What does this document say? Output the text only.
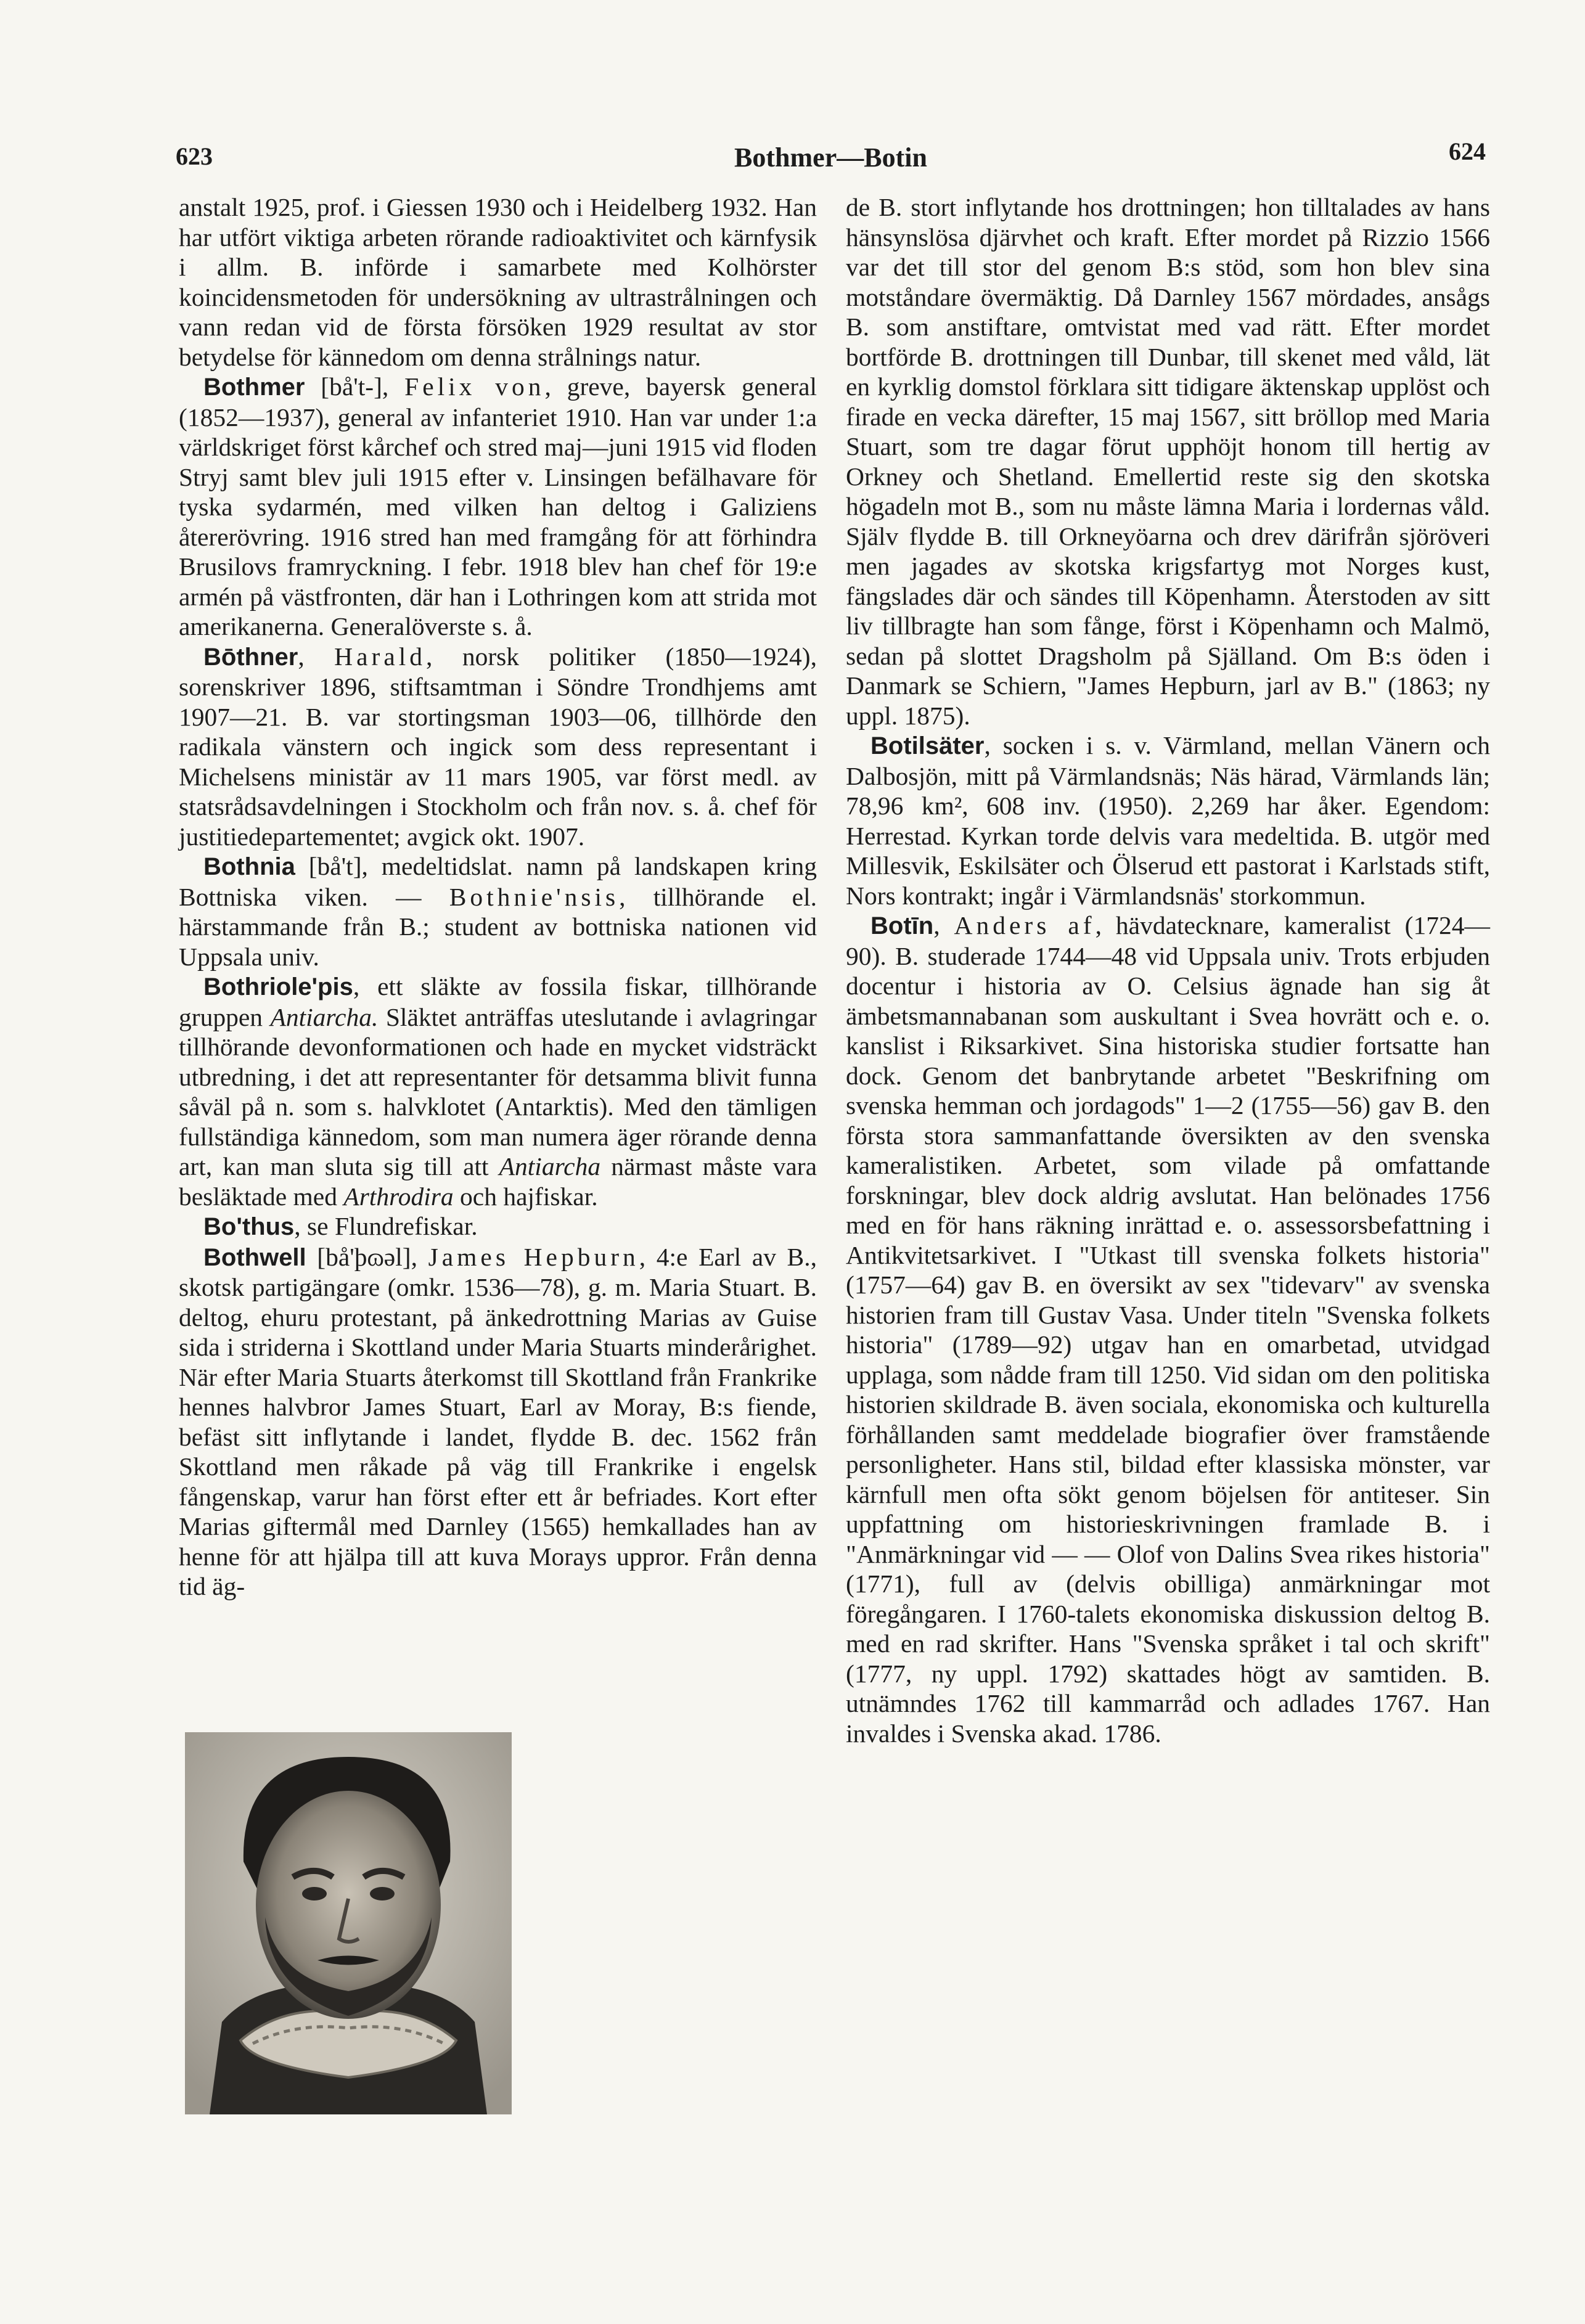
623	Bothmer—Botin	624

anstalt 1925, prof. i Giessen 1930 och i Heidelberg 1932. Han har utfört viktiga arbeten rörande radioaktivitet och kärnfysik i allm. B. införde i samarbete med Kolhörster koincidensmetoden för undersökning av ultrastrålningen och vann redan vid de första försöken 1929 resultat av stor betydelse för kännedom om denna strålnings natur.

Bothmer [bå't-], Felix von, greve, bayersk general (1852—1937), general av infanteriet 1910. Han var under 1:a världskriget först kårchef och stred maj—juni 1915 vid floden Stryj samt blev juli 1915 efter v. Linsingen befälhavare för tyska sydarmén, med vilken han deltog i Galiziens återerövring. 1916 stred han med framgång för att förhindra Brusilovs framryckning. I febr. 1918 blev han chef för 19:e armén på västfronten, där han i Lothringen kom att strida mot amerikanerna. Generalöverste s. å.

Bōthner, Harald, norsk politiker (1850—1924), sorenskriver 1896, stiftsamtman i Söndre Trondhjems amt 1907—21. B. var stortingsman 1903—06, tillhörde den radikala vänstern och ingick som dess representant i Michelsens ministär av 11 mars 1905, var först medl. av statsrådsavdelningen i Stockholm och från nov. s. å. chef för justitiedepartementet; avgick okt. 1907.

Bothnia [bå't], medeltidslat. namn på landskapen kring Bottniska viken. — Bothnie'nsis, tillhörande el. härstammande från B.; student av bottniska nationen vid Uppsala univ.

Bothriole'pis, ett släkte av fossila fiskar, tillhörande gruppen Antiarcha. Släktet anträffas uteslutande i avlagringar tillhörande devonformationen och hade en mycket vidsträckt utbredning, i det att representanter för detsamma blivit funna såväl på n. som s. halvklotet (Antarktis). Med den tämligen fullständiga kännedom, som man numera äger rörande denna art, kan man sluta sig till att Antiarcha närmast måste vara besläktade med Arthrodira och hajfiskar.

Bo'thus, se Flundrefiskar.

Bothwell [bå'þɷəl], James Hepburn, 4:e Earl av B., skotsk partigängare (omkr. 1536—78), g. m. Maria Stuart. B. deltog, ehuru protestant, på änkedrottning Marias av Guise sida i striderna i Skottland under Maria Stuarts minderårighet. När efter Maria Stuarts återkomst till Skottland från Frankrike hennes halvbror James Stuart, Earl av Moray, B:s fiende, befäst sitt inflytande i landet, flydde B. dec. 1562 från Skottland men råkade på väg till Frankrike i engelsk fångenskap, varur han först efter ett år befriades. Kort efter Marias giftermål med Darnley (1565) hemkallades han av henne för att hjälpa till att kuva Morays uppror. Från denna tid äg-

de B. stort inflytande hos drottningen; hon tilltalades av hans hänsynslösa djärvhet och kraft. Efter mordet på Rizzio 1566 var det till stor del genom B:s stöd, som hon blev sina motståndare övermäktig. Då Darnley 1567 mördades, ansågs B. som anstiftare, omtvistat med vad rätt. Efter mordet bortförde B. drottningen till Dunbar, till skenet med våld, lät en kyrklig domstol förklara sitt tidigare äktenskap upplöst och firade en vecka därefter, 15 maj 1567, sitt bröllop med Maria Stuart, som tre dagar förut upphöjt honom till hertig av Orkney och Shetland. Emellertid reste sig den skotska högadeln mot B., som nu måste lämna Maria i lordernas våld. Själv flydde B. till Orkneyöarna och drev därifrån sjöröveri men jagades av skotska krigsfartyg mot Norges kust, fängslades där och sändes till Köpenhamn. Återstoden av sitt liv tillbragte han som fånge, först i Köpenhamn och Malmö, sedan på slottet Dragsholm på Själland. Om B:s öden i Danmark se Schiern, "James Hepburn, jarl av B." (1863; ny uppl. 1875).

Botilsäter, socken i s. v. Värmland, mellan Vänern och Dalbosjön, mitt på Värmlandsnäs; Näs härad, Värmlands län; 78,96 km², 608 inv. (1950). 2,269 har åker. Egendom: Herrestad. Kyrkan torde delvis vara medeltida. B. utgör med Millesvik, Eskilsäter och Ölserud ett pastorat i Karlstads stift, Nors kontrakt; ingår i Värmlandsnäs' storkommun.

Botīn, Anders af, hävdatecknare, kameralist (1724—90). B. studerade 1744—48 vid Uppsala univ. Trots erbjuden docentur i historia av O. Celsius ägnade han sig åt ämbetsmannabanan som auskultant i Svea hovrätt och e. o. kanslist i Riksarkivet. Sina historiska studier fortsatte han dock. Genom det banbrytande arbetet "Beskrifning om svenska hemman och jordagods" 1—2 (1755—56) gav B. den första stora sammanfattande översikten av den svenska kameralistiken. Arbetet, som vilade på omfattande forskningar, blev dock aldrig avslutat. Han belönades 1756 med en för hans räkning inrättad e. o. assessorsbefattning i Antikvitetsarkivet. I "Utkast till svenska folkets historia" (1757—64) gav B. en översikt av sex "tidevarv" av svenska historien fram till Gustav Vasa. Under titeln "Svenska folkets historia" (1789—92) utgav han en omarbetad, utvidgad upplaga, som nådde fram till 1250. Vid sidan om den politiska historien skildrade B. även sociala, ekonomiska och kulturella förhållanden samt meddelade biografier över framstående personligheter. Hans stil, bildad efter klassiska mönster, var kärnfull men ofta sökt genom böjelsen för antiteser. Sin uppfattning om historieskrivningen framlade B. i "Anmärkningar vid — — Olof von Dalins Svea rikes historia" (1771), full av (delvis obilliga) anmärkningar mot föregångaren. I 1760-talets ekonomiska diskussion deltog B. med en rad skrifter. Hans "Svenska språket i tal och skrift" (1777, ny uppl. 1792) skattades högt av samtiden. B. utnämndes 1762 till kammarråd och adlades 1767. Han invaldes i Svenska akad. 1786.
